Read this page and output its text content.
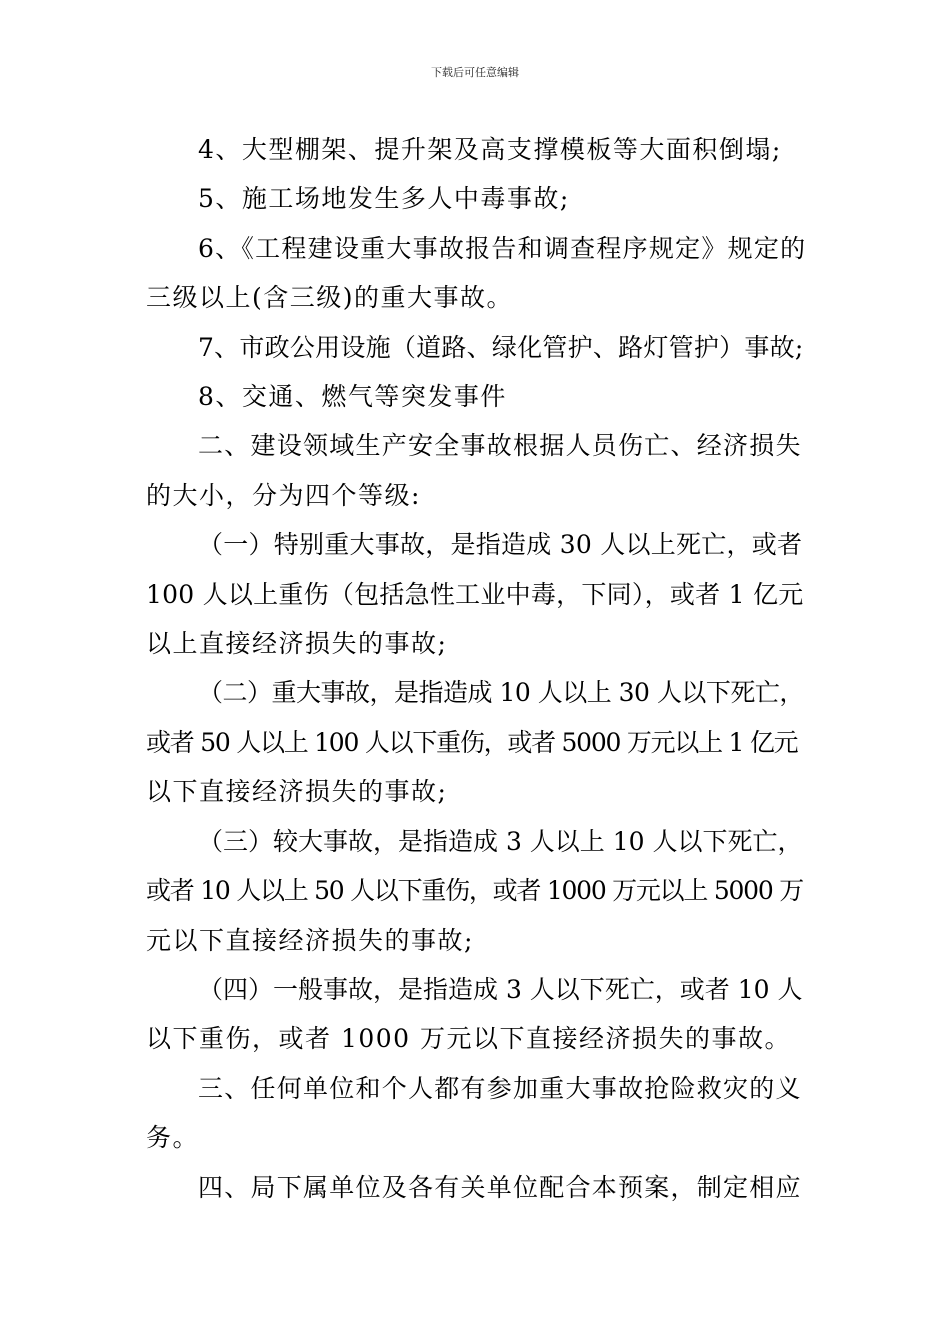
下载后可任意编辑

4、大型棚架、提升架及高支撑模板等大面积倒塌;

5、施工场地发生多人中毒事故;

6、《工程建设重大事故报告和调查程序规定》规定的
三级以上(含三级)的重大事故。

7、市政公用设施（道路、绿化管护、路灯管护）事故;

8、交通、燃气等突发事件

二、建设领域生产安全事故根据人员伤亡、经济损失
的大小，分为四个等级:

（一）特别重大事故，是指造成 30 人以上死亡，或者
100 人以上重伤（包括急性工业中毒，下同），或者 1 亿元
以上直接经济损失的事故;

（二）重大事故，是指造成 10 人以上 30 人以下死亡，
或者 50 人以上 100 人以下重伤，或者 5000 万元以上 1 亿元
以下直接经济损失的事故;

（三）较大事故，是指造成 3 人以上 10 人以下死亡，
或者 10 人以上 50 人以下重伤，或者 1000 万元以上 5000 万
元以下直接经济损失的事故;

（四）一般事故，是指造成 3 人以下死亡，或者 10 人
以下重伤，或者 1000 万元以下直接经济损失的事故。

三、任何单位和个人都有参加重大事故抢险救灾的义
务。

四、局下属单位及各有关单位配合本预案，制定相应
